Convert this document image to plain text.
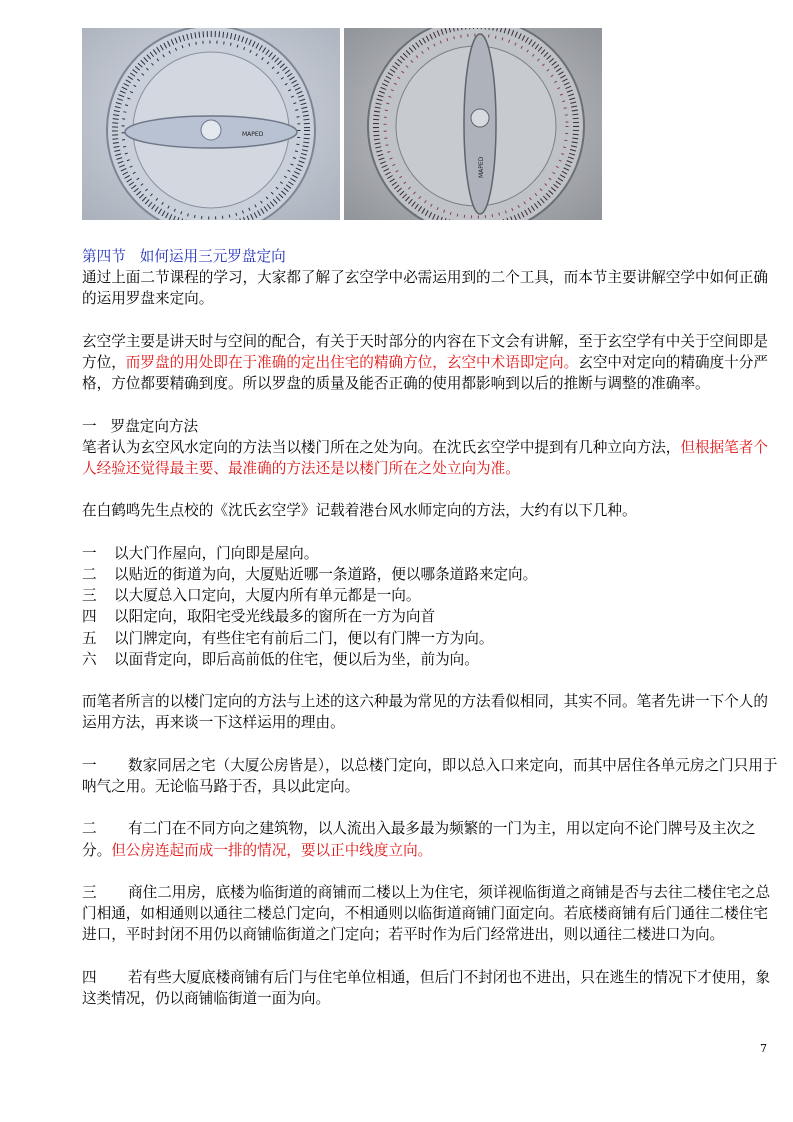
MAPED
MAPED

第四节 如何运用三元罗盘定向

通过上面二节课程的学习，大家都了解了玄空学中必需运用到的二个工具，而本节主要讲解空学中如何正确的运用罗盘来定向。

玄空学主要是讲天时与空间的配合，有关于天时部分的内容在下文会有讲解，至于玄空学有中关于空间即是方位，而罗盘的用处即在于准确的定出住宅的精确方位，玄空中术语即定向。玄空中对定向的精确度十分严格，方位都要精确到度。所以罗盘的质量及能否正确的使用都影响到以后的推断与调整的准确率。

一 罗盘定向方法

笔者认为玄空风水定向的方法当以楼门所在之处为向。在沈氏玄空学中提到有几种立向方法，但根据笔者个人经验还觉得最主要、最准确的方法还是以楼门所在之处立向为准。

在白鹤鸣先生点校的《沈氏玄空学》记载着港台风水师定向的方法，大约有以下几种。

一 以大门作屋向，门向即是屋向。

二 以贴近的街道为向，大厦贴近哪一条道路，便以哪条道路来定向。

三 以大厦总入口定向，大厦内所有单元都是一向。

四 以阳定向，取阳宅受光线最多的窗所在一方为向首

五 以门牌定向，有些住宅有前后二门，便以有门牌一方为向。

六 以面背定向，即后高前低的住宅，便以后为坐，前为向。

而笔者所言的以楼门定向的方法与上述的这六种最为常见的方法看似相同，其实不同。笔者先讲一下个人的运用方法，再来谈一下这样运用的理由。

一 数家同居之宅（大厦公房皆是），以总楼门定向，即以总入口来定向，而其中居住各单元房之门只用于呐气之用。无论临马路于否，具以此定向。

二 有二门在不同方向之建筑物，以人流出入最多最为频繁的一门为主，用以定向不论门牌号及主次之分。但公房连起而成一排的情况，要以正中线度立向。

三 商住二用房，底楼为临街道的商铺而二楼以上为住宅，须详视临街道之商铺是否与去往二楼住宅之总门相通，如相通则以通往二楼总门定向，不相通则以临街道商铺门面定向。若底楼商铺有后门通往二楼住宅进口，平时封闭不用仍以商铺临街道之门定向；若平时作为后门经常进出，则以通往二楼进口为向。

四 若有些大厦底楼商铺有后门与住宅单位相通，但后门不封闭也不进出，只在逃生的情况下才使用，象这类情况，仍以商铺临街道一面为向。

7
